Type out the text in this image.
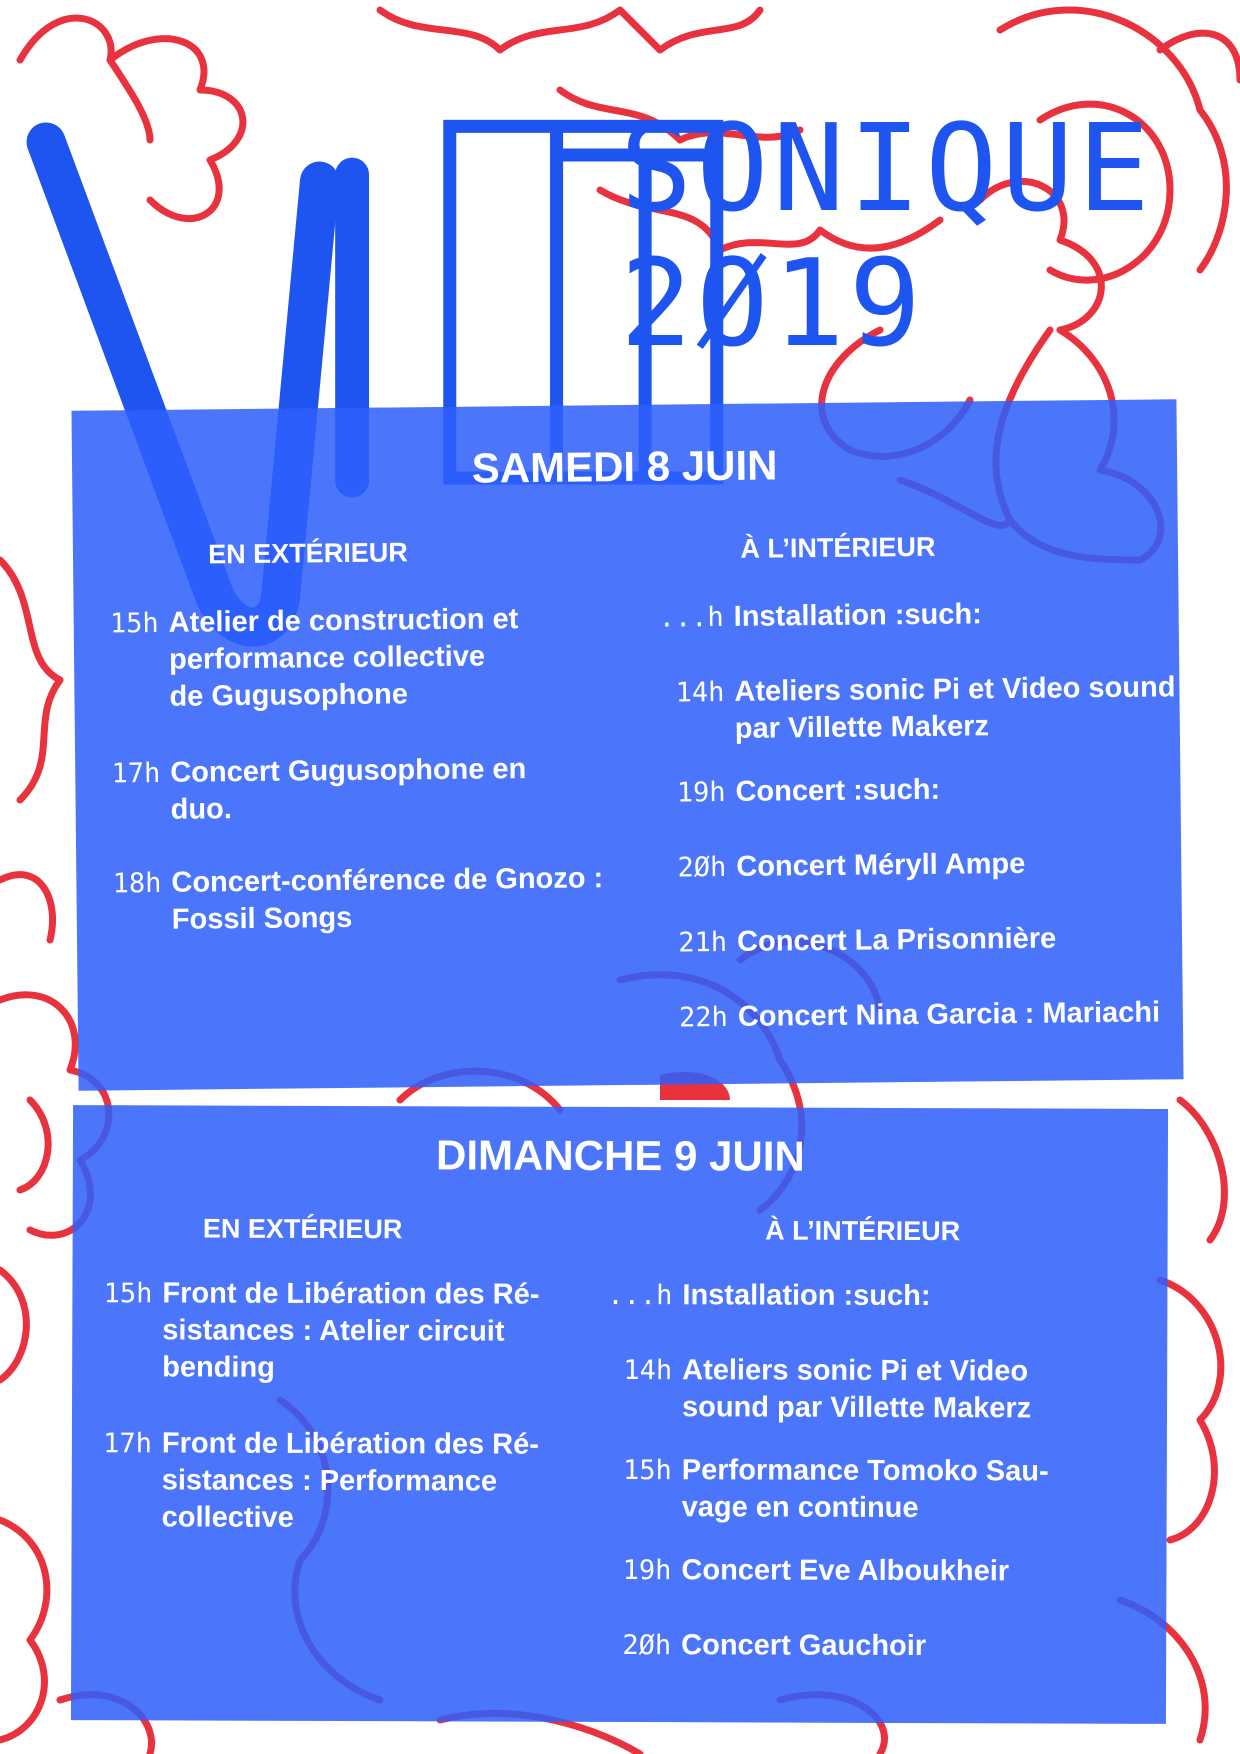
SONIQUE
2Ø19
SAMEDI 8 JUIN
EN EXTÉRIEUR	À L’INTÉRIEUR
15h Atelier de construction et
performance collective
de Gugusophone
17h Concert Gugusophone en duo.
18h Concert-conférence de Gnozo :
Fossil Songs
...h Installation :such:
14h Ateliers sonic Pi et Video sound
par Villette Makerz
19h Concert :such:
2Øh Concert Méryll Ampe
21h Concert La Prisonnière
22h Concert Nina Garcia : Mariachi
DIMANCHE 9 JUIN
EN EXTÉRIEUR	À L’INTÉRIEUR
15h Front de Libération des Ré-
sistances : Atelier circuit
bending
17h Front de Libération des Ré-
sistances : Performance
collective
...h Installation :such:
14h Ateliers sonic Pi et Video
sound par Villette Makerz
15h Performance Tomoko Sau-
vage en continue
19h Concert Eve Alboukheir
2Øh Concert Gauchoir
